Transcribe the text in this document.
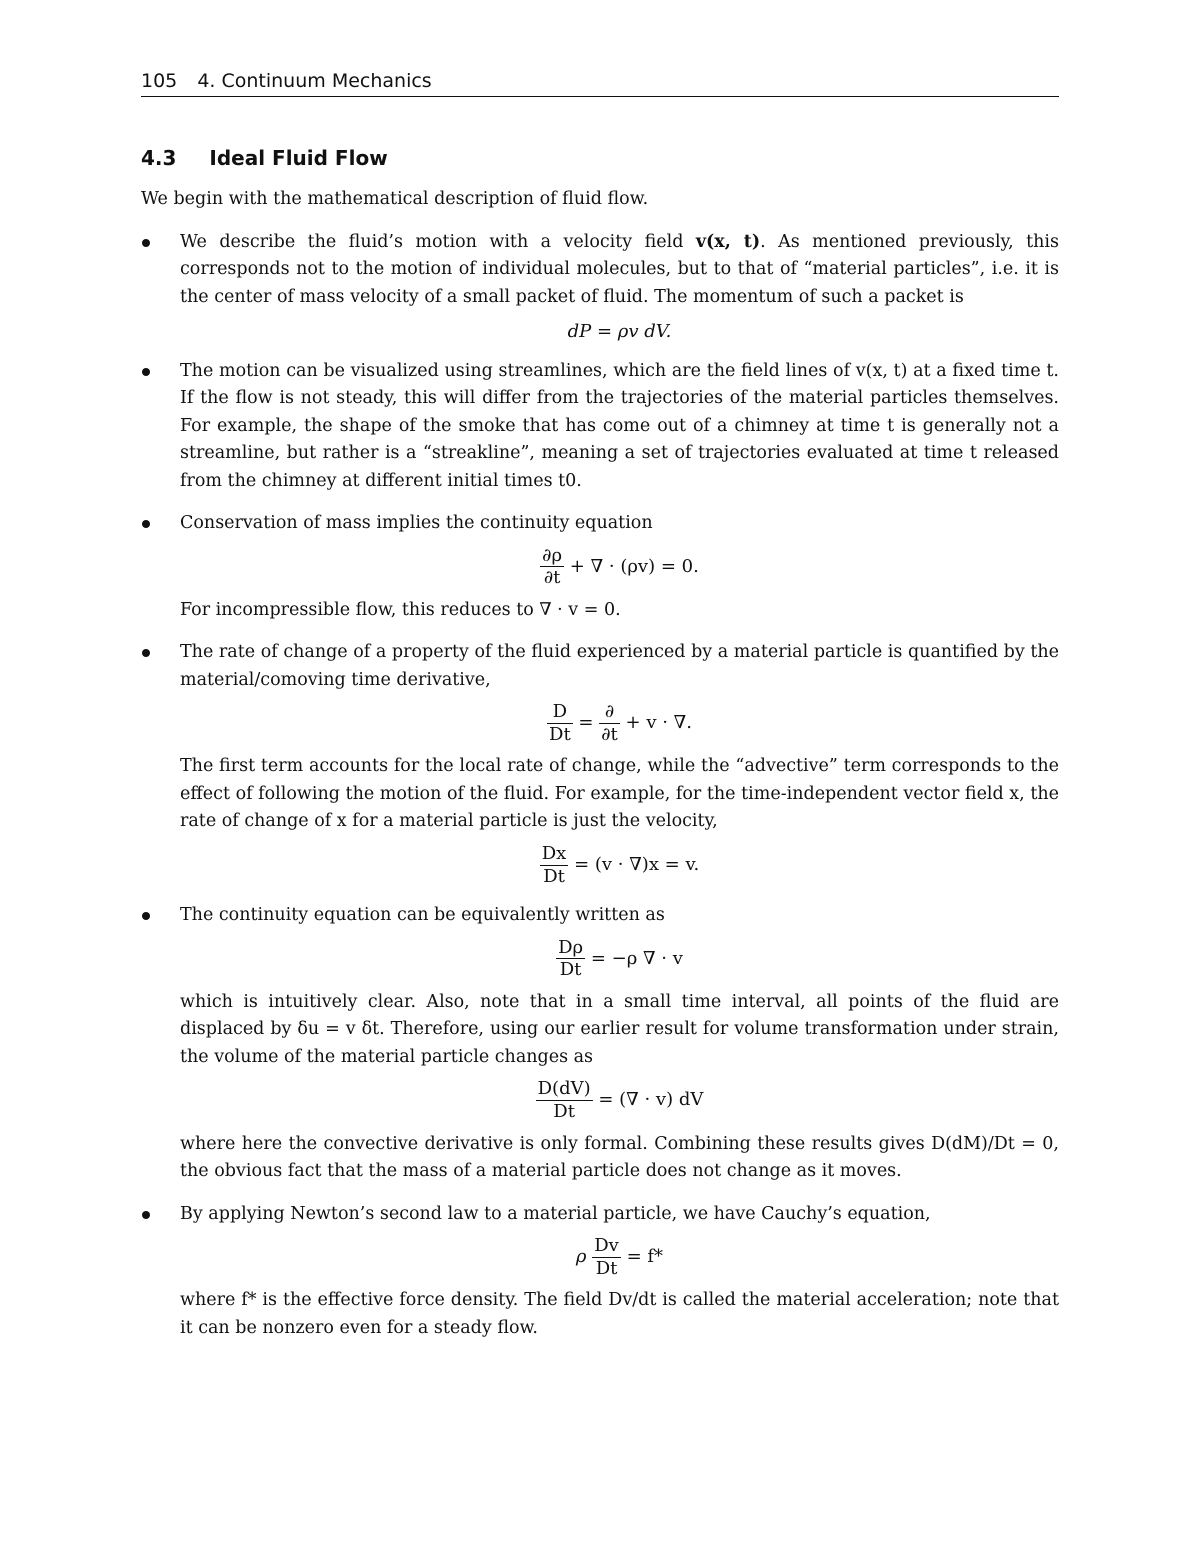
105 4. Continuum Mechanics
4.3 Ideal Fluid Flow

We begin with the mathematical description of fluid flow.

We describe the fluid’s motion with a velocity field v(x, t). As mentioned previously, this corresponds not to the motion of individual molecules, but to that of “material particles”, i.e. it is the center of mass velocity of a small packet of fluid. The momentum of such a packet is
dP = ρv dV.
The motion can be visualized using streamlines, which are the field lines of v(x, t) at a fixed time t. If the flow is not steady, this will differ from the trajectories of the material particles themselves. For example, the shape of the smoke that has come out of a chimney at time t is generally not a streamline, but rather is a “streakline”, meaning a set of trajectories evaluated at time t released from the chimney at different initial times t0.
Conservation of mass implies the continuity equation
$\frac{\partial\rho}{\partial t}$ + ∇ · (ρv) = 0.
For incompressible flow, this reduces to ∇ · v = 0.
The rate of change of a property of the fluid experienced by a material particle is quantified by the material/comoving time derivative,
$\frac{D}{Dt} = \frac{\partial}{\partial t} + v$ · ∇.
The first term accounts for the local rate of change, while the “advective” term corresponds to the effect of following the motion of the fluid. For example, for the time-independent vector field x, the rate of change of x for a material particle is just the velocity,
$\frac{Dx}{Dt} = (v \cdot \nabla)x = v$.
The continuity equation can be equivalently written as
$\frac{D\rho}{Dt} = -\rho$ ∇ · v
which is intuitively clear. Also, note that in a small time interval, all points of the fluid are displaced by δu = v δt. Therefore, using our earlier result for volume transformation under strain, the volume of the material particle changes as
$\frac{D(dV)}{Dt}$ = (∇ · v) dV
where here the convective derivative is only formal. Combining these results gives D(dM)/Dt = 0, the obvious fact that the mass of a material particle does not change as it moves.
By applying Newton’s second law to a material particle, we have Cauchy’s equation,
ρ $\frac{Dv}{Dt} = f*$
where f* is the effective force density. The field Dv/dt is called the material acceleration; note that it can be nonzero even for a steady flow.
